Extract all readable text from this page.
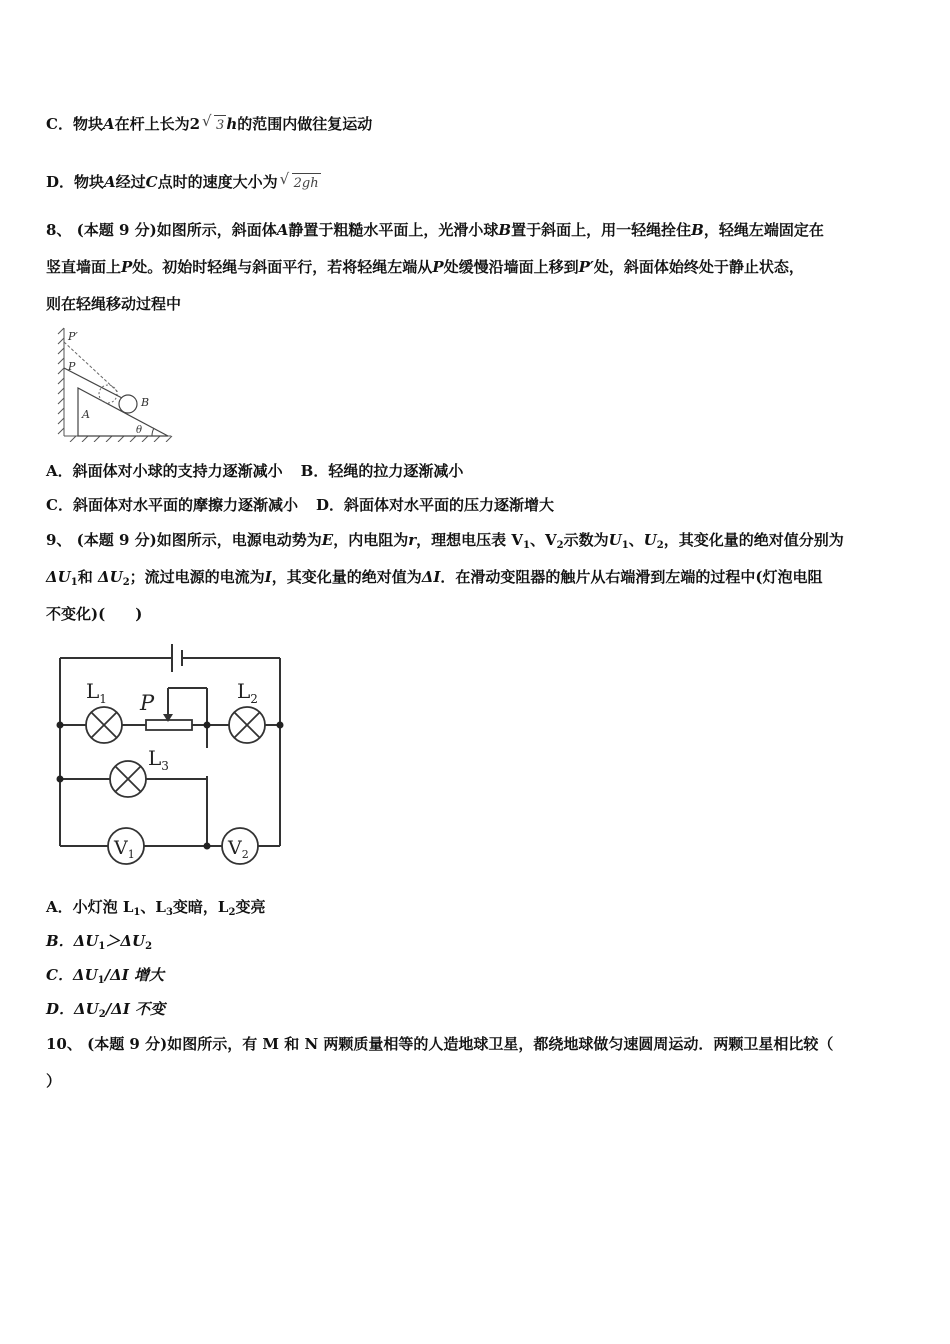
C．物块A在杆上长为2 √ 3 h的范围内做往复运动
D．物块A经过C点时的速度大小为 √ 2gh
8、 (本题 9 分)如图所示，斜面体A静置于粗糙水平面上，光滑小球B置于斜面上，用一轻绳拴住B，轻绳左端固定在
竖直墙面上P处。初始时轻绳与斜面平行，若将轻绳左端从P处缓慢沿墙面上移到P′处，斜面体始终处于静止状态，
则在轻绳移动过程中
P′
P
B
A
θ
A．斜面体对小球的支持力逐渐减小 B．轻绳的拉力逐渐减小
C．斜面体对水平面的摩擦力逐渐减小 D．斜面体对水平面的压力逐渐增大
9、 (本题 9 分)如图所示，电源电动势为E，内电阻为r，理想电压表 $V_1$、$V_2$示数为$U_1$、$U_2$，其变化量的绝对值分别为
$\Delta U_1$和 $\Delta U_2$；流过电源的电流为I，其变化量的绝对值为ΔI．在滑动变阻器的触片从右端滑到左端的过程中(灯泡电阻
不变化)(　　)
$L_1$	$L_2$
$L_3$
P
$V_1$	$V_2$
A．小灯泡 $L_1$、$L_3$变暗，$L_2$变亮
B．$\Delta U_1>\Delta U_2$
C．$\Delta U_1/\Delta I$ 增大
D．$\Delta U_2/\Delta I$ 不变
10、 (本题 9 分)如图所示，有 M 和 N 两颗质量相等的人造地球卫星，都绕地球做匀速圆周运动．两颗卫星相比较（
）
